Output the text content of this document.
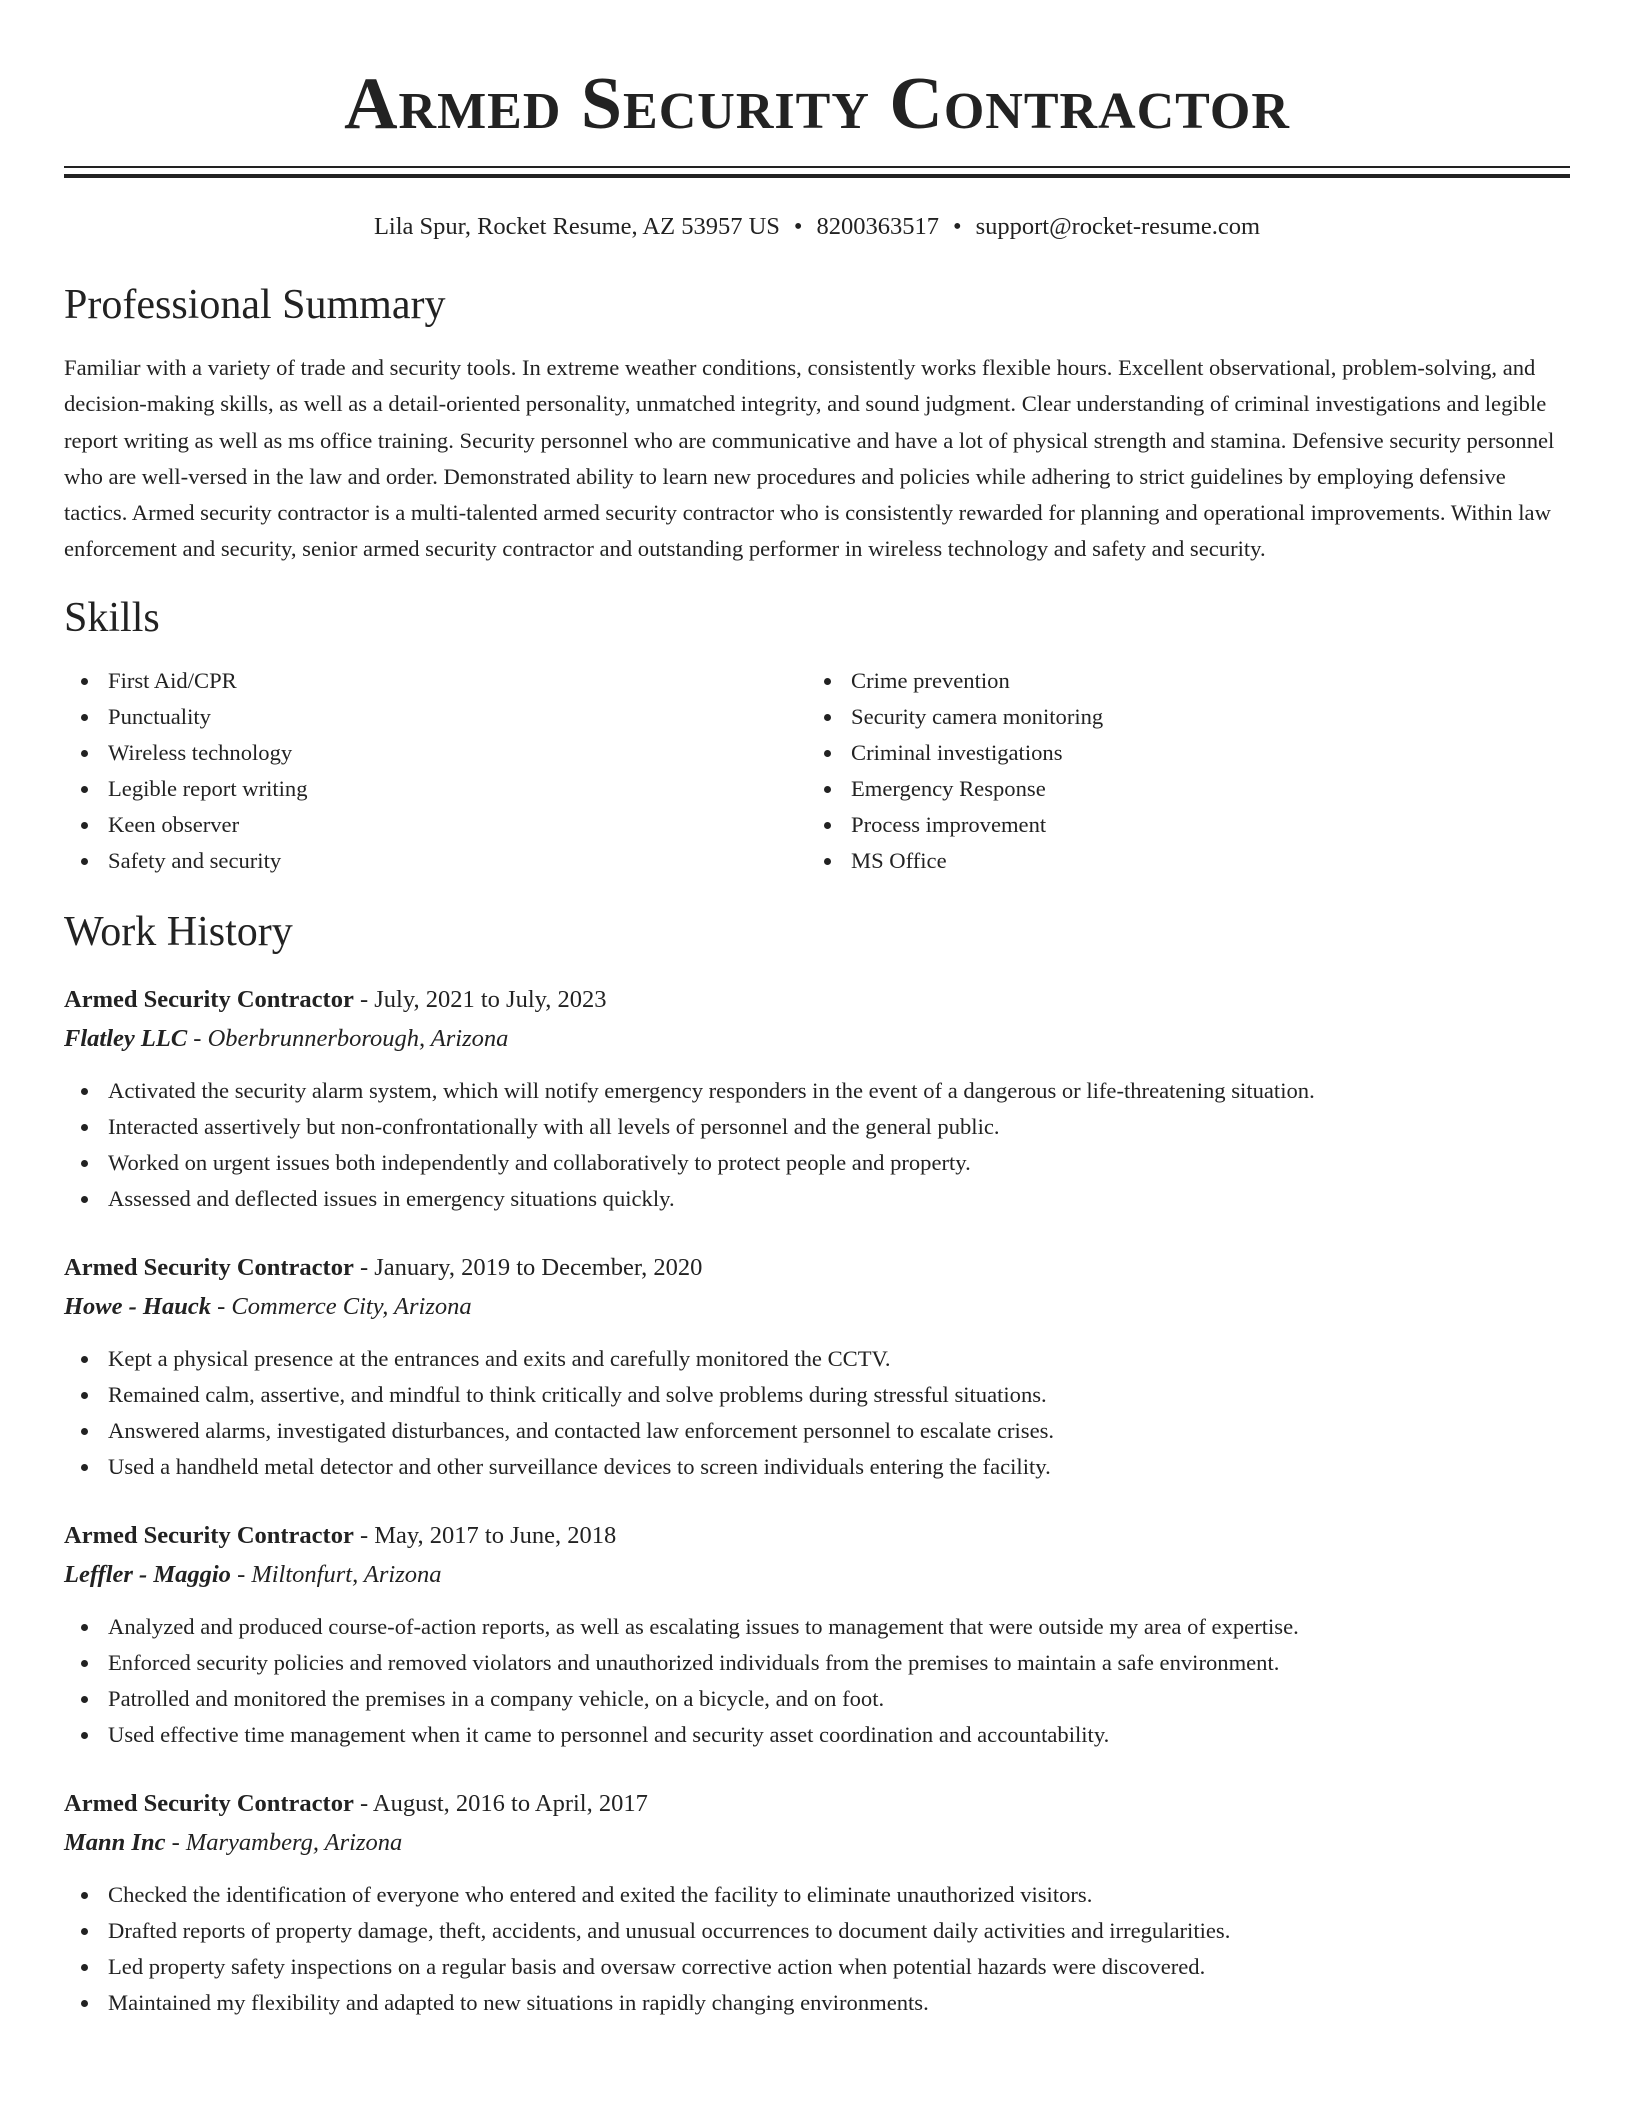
Armed Security Contractor
Lila Spur, Rocket Resume, AZ 53957 US • 8200363517 • support@rocket-resume.com
Professional Summary
Familiar with a variety of trade and security tools. In extreme weather conditions, consistently works flexible hours. Excellent observational, problem-solving, and decision-making skills, as well as a detail-oriented personality, unmatched integrity, and sound judgment. Clear understanding of criminal investigations and legible report writing as well as ms office training. Security personnel who are communicative and have a lot of physical strength and stamina. Defensive security personnel who are well-versed in the law and order. Demonstrated ability to learn new procedures and policies while adhering to strict guidelines by employing defensive tactics. Armed security contractor is a multi-talented armed security contractor who is consistently rewarded for planning and operational improvements. Within law enforcement and security, senior armed security contractor and outstanding performer in wireless technology and safety and security.
Skills
First Aid/CPR
Punctuality
Wireless technology
Legible report writing
Keen observer
Safety and security
Crime prevention
Security camera monitoring
Criminal investigations
Emergency Response
Process improvement
MS Office
Work History
Armed Security Contractor - July, 2021 to July, 2023
Flatley LLC - Oberbrunnerborough, Arizona
Activated the security alarm system, which will notify emergency responders in the event of a dangerous or life-threatening situation.
Interacted assertively but non-confrontationally with all levels of personnel and the general public.
Worked on urgent issues both independently and collaboratively to protect people and property.
Assessed and deflected issues in emergency situations quickly.
Armed Security Contractor - January, 2019 to December, 2020
Howe - Hauck - Commerce City, Arizona
Kept a physical presence at the entrances and exits and carefully monitored the CCTV.
Remained calm, assertive, and mindful to think critically and solve problems during stressful situations.
Answered alarms, investigated disturbances, and contacted law enforcement personnel to escalate crises.
Used a handheld metal detector and other surveillance devices to screen individuals entering the facility.
Armed Security Contractor - May, 2017 to June, 2018
Leffler - Maggio - Miltonfurt, Arizona
Analyzed and produced course-of-action reports, as well as escalating issues to management that were outside my area of expertise.
Enforced security policies and removed violators and unauthorized individuals from the premises to maintain a safe environment.
Patrolled and monitored the premises in a company vehicle, on a bicycle, and on foot.
Used effective time management when it came to personnel and security asset coordination and accountability.
Armed Security Contractor - August, 2016 to April, 2017
Mann Inc - Maryamberg, Arizona
Checked the identification of everyone who entered and exited the facility to eliminate unauthorized visitors.
Drafted reports of property damage, theft, accidents, and unusual occurrences to document daily activities and irregularities.
Led property safety inspections on a regular basis and oversaw corrective action when potential hazards were discovered.
Maintained my flexibility and adapted to new situations in rapidly changing environments.
